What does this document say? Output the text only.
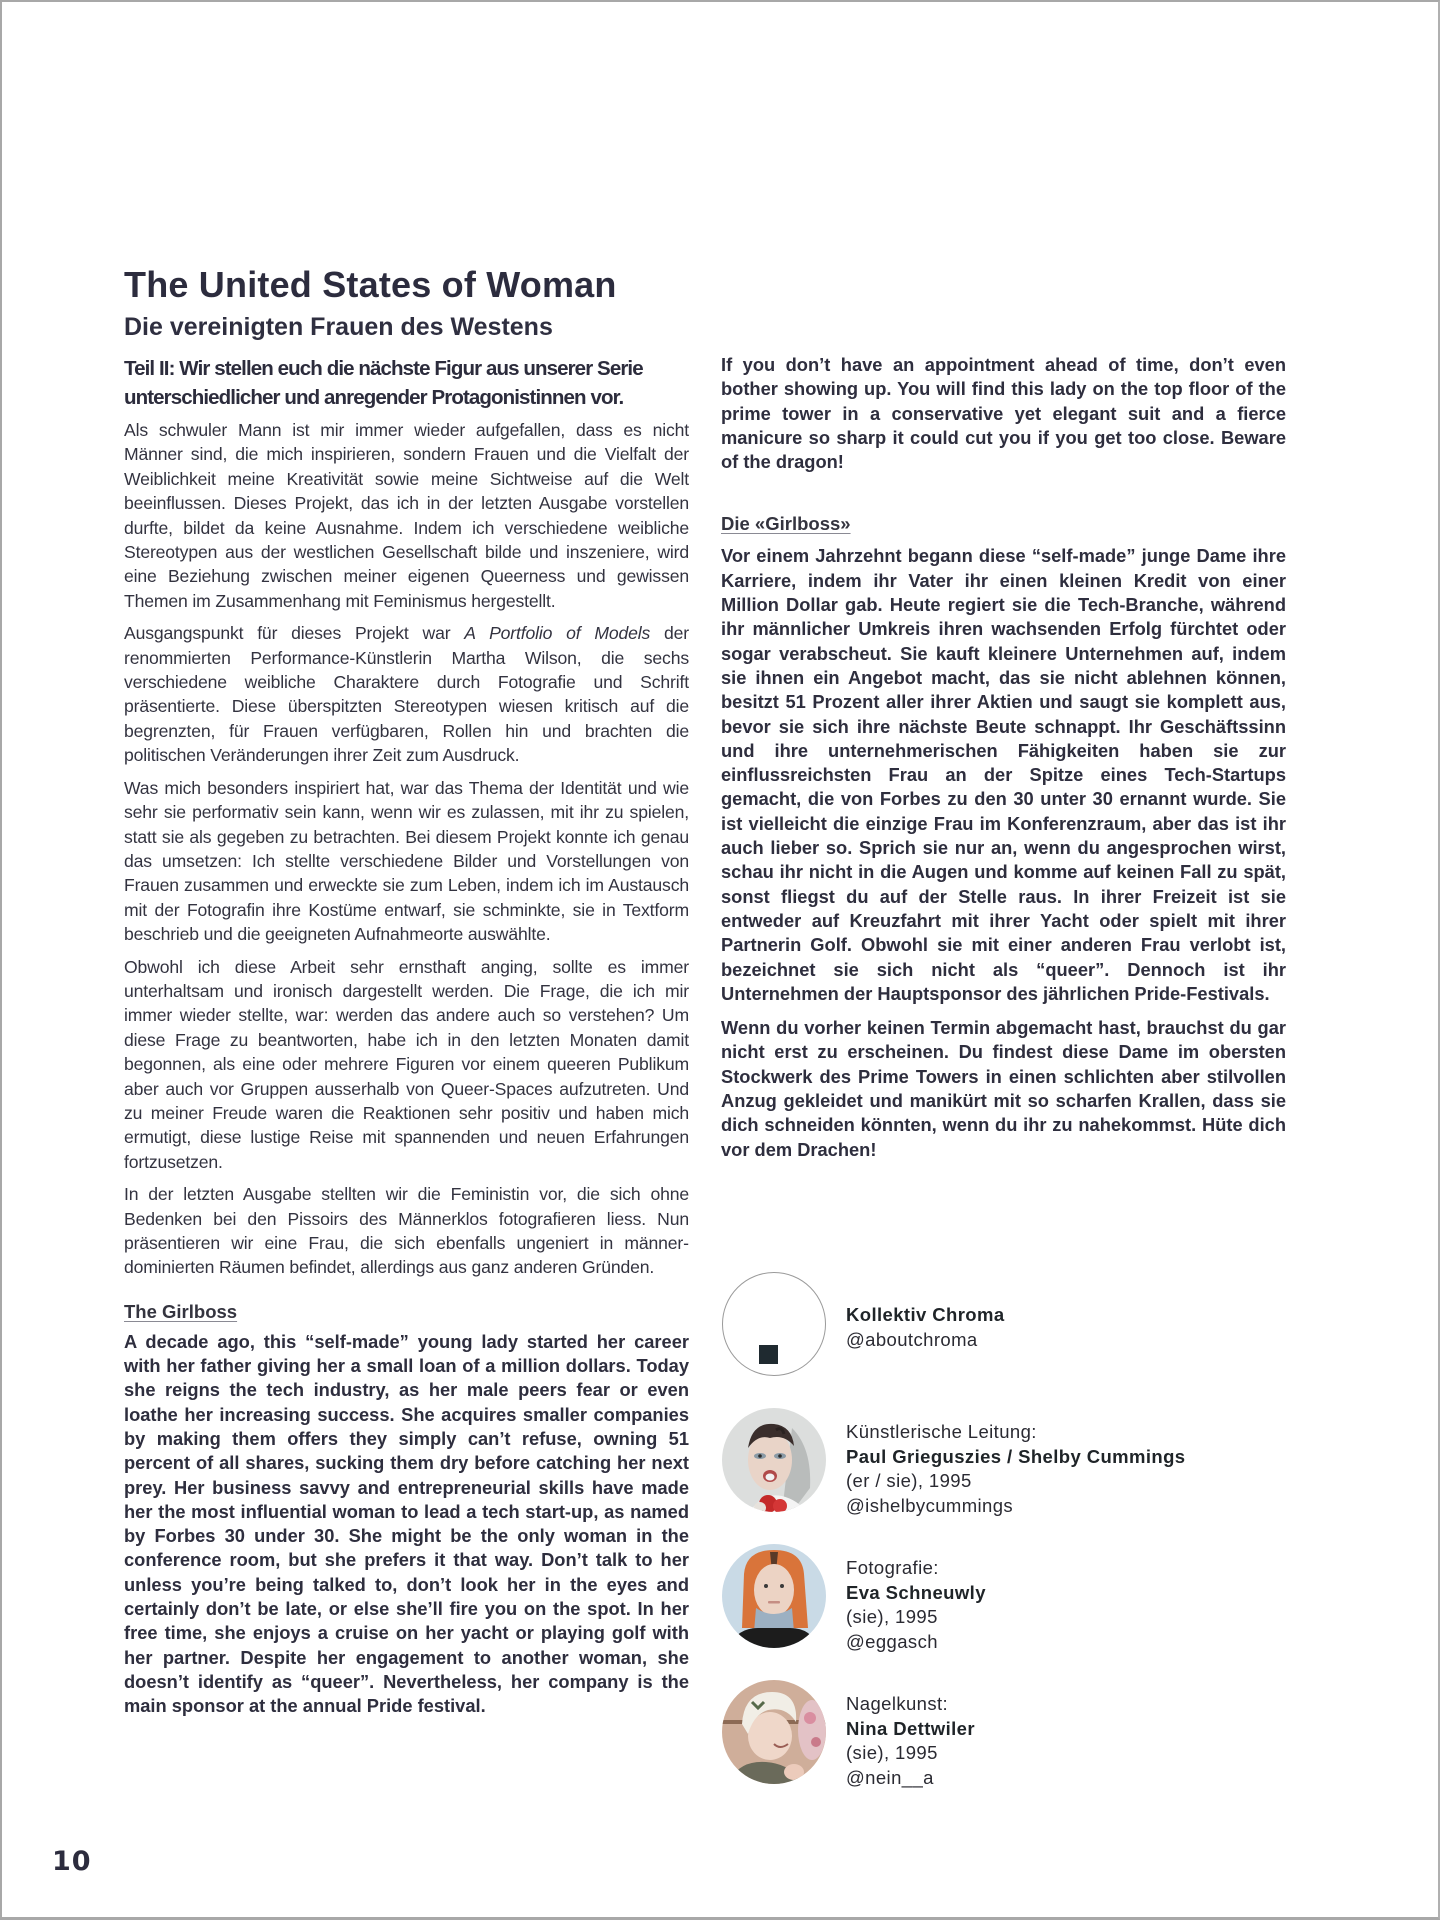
The United States of Woman
Die vereinigten Frauen des Westens

Teil II: Wir stellen euch die nächste Figur aus unserer Serie unterschiedlicher und anregender Protagonistinnen vor.

Als schwuler Mann ist mir immer wieder aufgefallen, dass es nicht Männer sind, die mich inspirieren, sondern Frauen und die Vielfalt der Weiblichkeit meine Kreativität sowie meine Sichtweise auf die Welt beeinflussen. Dieses Projekt, das ich in der letzten Ausgabe vorstellen durfte, bildet da keine Ausnahme. Indem ich verschiedene weibliche Stereotypen aus der westlichen Gesellschaft bilde und inszeniere, wird eine Beziehung zwischen meiner eigenen Queerness und gewissen Themen im Zusammenhang mit Feminismus hergestellt.

Ausgangspunkt für dieses Projekt war A Portfolio of Models der renommierten Performance-Künstlerin Martha Wilson, die sechs verschiedene weibliche Charaktere durch Fotografie und Schrift präsentierte. Diese überspitzten Stereotypen wiesen kritisch auf die begrenzten, für Frauen verfügbaren, Rollen hin und brachten die politischen Veränderungen ihrer Zeit zum Ausdruck.

Was mich besonders inspiriert hat, war das Thema der Identität und wie sehr sie performativ sein kann, wenn wir es zulassen, mit ihr zu spielen, statt sie als gegeben zu betrachten. Bei diesem Projekt konnte ich genau das umsetzen: Ich stellte verschiedene Bilder und Vorstellungen von Frauen zusammen und erweckte sie zum Leben, indem ich im Austausch mit der Fotografin ihre Kostüme entwarf, sie schminkte, sie in Textform beschrieb und die geeigneten Aufnahmeorte auswählte.

Obwohl ich diese Arbeit sehr ernsthaft anging, sollte es immer unterhaltsam und ironisch dargestellt werden. Die Frage, die ich mir immer wieder stellte, war: werden das andere auch so verstehen? Um diese Frage zu beantworten, habe ich in den letzten Monaten damit begonnen, als eine oder mehrere Figuren vor einem queeren Publikum aber auch vor Gruppen ausserhalb von Queer-Spaces aufzutreten. Und zu meiner Freude waren die Reaktionen sehr positiv und haben mich ermutigt, diese lustige Reise mit spannenden und neuen Erfahrungen fortzusetzen.

In der letzten Ausgabe stellten wir die Feministin vor, die sich ohne Bedenken bei den Pissoirs des Männerklos fotografieren liess. Nun präsentieren wir eine Frau, die sich ebenfalls ungeniert in männerdominierten Räumen befindet, allerdings aus ganz anderen Gründen.

The Girlboss

A decade ago, this “self-made” young lady started her career with her father giving her a small loan of a million dollars. Today she reigns the tech industry, as her male peers fear or even loathe her increasing success. She acquires smaller companies by making them offers they simply can’t refuse, owning 51 percent of all shares, sucking them dry before catching her next prey. Her business savvy and entrepreneurial skills have made her the most influential woman to lead a tech start-up, as named by Forbes 30 under 30. She might be the only woman in the conference room, but she prefers it that way. Don’t talk to her unless you’re being talked to, don’t look her in the eyes and certainly don’t be late, or else she’ll fire you on the spot. In her free time, she enjoys a cruise on her yacht or playing golf with her partner. Despite her engagement to another woman, she doesn’t identify as “queer”. Nevertheless, her company is the main sponsor at the annual Pride festival.

If you don’t have an appointment ahead of time, don’t even bother showing up. You will find this lady on the top floor of the prime tower in a conservative yet elegant suit and a fierce manicure so sharp it could cut you if you get too close. Beware of the dragon!

Die «Girlboss»

Vor einem Jahrzehnt begann diese “self-made” junge Dame ihre Karriere, indem ihr Vater ihr einen kleinen Kredit von einer Million Dollar gab. Heute regiert sie die Tech-Branche, während ihr männlicher Umkreis ihren wachsenden Erfolg fürchtet oder sogar verabscheut. Sie kauft kleinere Unternehmen auf, indem sie ihnen ein Angebot macht, das sie nicht ablehnen können, besitzt 51 Prozent aller ihrer Aktien und saugt sie komplett aus, bevor sie sich ihre nächste Beute schnappt. Ihr Geschäftssinn und ihre unternehmerischen Fähigkeiten haben sie zur einflussreichsten Frau an der Spitze eines Tech-Startups gemacht, die von Forbes zu den 30 unter 30 ernannt wurde. Sie ist vielleicht die einzige Frau im Konferenzraum, aber das ist ihr auch lieber so. Sprich sie nur an, wenn du angesprochen wirst, schau ihr nicht in die Augen und komme auf keinen Fall zu spät, sonst fliegst du auf der Stelle raus. In ihrer Freizeit ist sie entweder auf Kreuzfahrt mit ihrer Yacht oder spielt mit ihrer Partnerin Golf. Obwohl sie mit einer anderen Frau verlobt ist, bezeichnet sie sich nicht als “queer”. Dennoch ist ihr Unternehmen der Hauptsponsor des jährlichen Pride-Festivals.

Wenn du vorher keinen Termin abgemacht hast, brauchst du gar nicht erst zu erscheinen. Du findest diese Dame im obersten Stockwerk des Prime Towers in einen schlichten aber stilvollen Anzug gekleidet und manikürt mit so scharfen Krallen, dass sie dich schneiden könnten, wenn du ihr zu nahekommst. Hüte dich vor dem Drachen!

Kollektiv Chroma
@aboutchroma
Künstlerische Leitung:
Paul Grieguszies / Shelby Cummings
(er / sie), 1995
@ishelbycummings
Fotografie:
Eva Schneuwly
(sie), 1995
@eggasch
Nagelkunst:
Nina Dettwiler
(sie), 1995
@nein__a
10
